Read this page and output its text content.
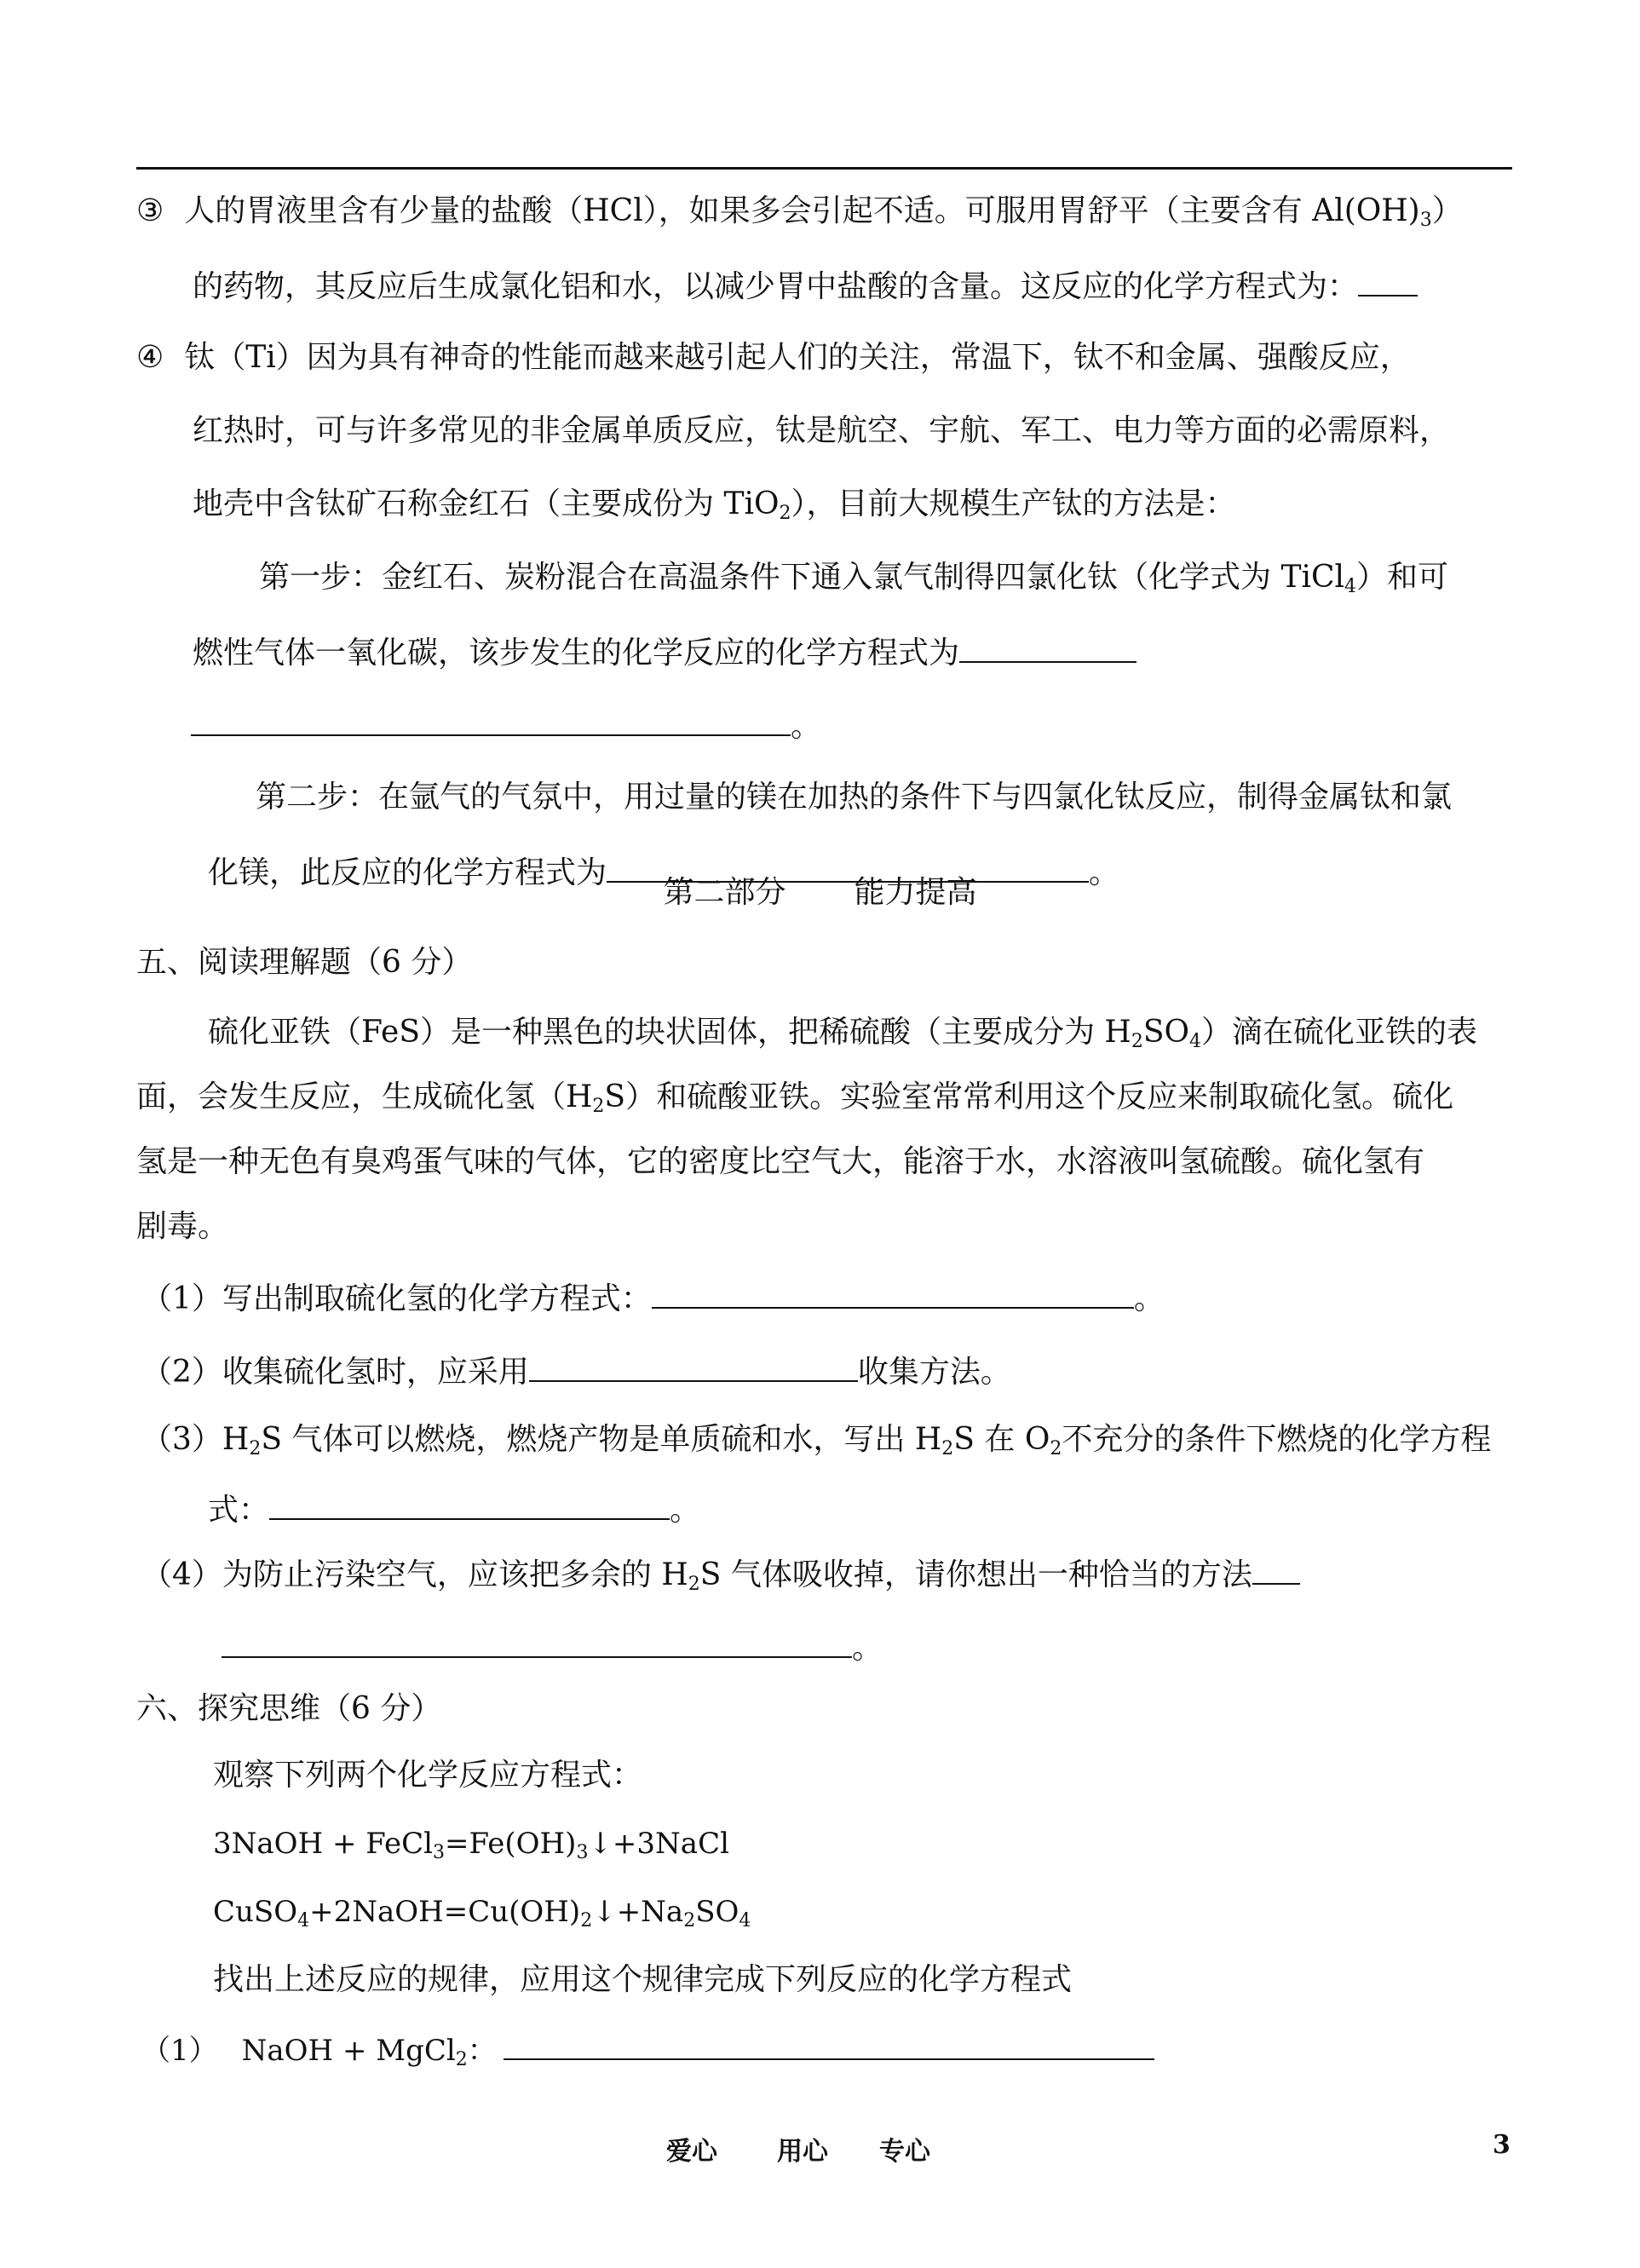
③ 人的胃液里含有少量的盐酸（HCl），如果多会引起不适。可服用胃舒平（主要含有 $Al(OH)_3$）
的药物，其反应后生成氯化铝和水，以减少胃中盐酸的含量。这反应的化学方程式为：
④ 钛（Ti）因为具有神奇的性能而越来越引起人们的关注，常温下，钛不和金属、强酸反应，
红热时，可与许多常见的非金属单质反应，钛是航空、宇航、军工、电力等方面的必需原料，
地壳中含钛矿石称金红石（主要成份为 TiO$_2$），目前大规模生产钛的方法是：
第一步：金红石、炭粉混合在高温条件下通入氯气制得四氯化钛（化学式为 TiCl$_4$）和可
燃性气体一氧化碳，该步发生的化学反应的化学方程式为
。
第二步：在氩气的气氛中，用过量的镁在加热的条件下与四氯化钛反应，制得金属钛和氯
化镁，此反应的化学方程式为	。
第二部分 能力提高
五、阅读理解题（6 分）
硫化亚铁（FeS）是一种黑色的块状固体，把稀硫酸（主要成分为 $H_2SO_4$）滴在硫化亚铁的表
面，会发生反应，生成硫化氢$(H_2S)$和硫酸亚铁。实验室常常利用这个反应来制取硫化氢。硫化
氢是一种无色有臭鸡蛋气味的气体，它的密度比空气大，能溶于水，水溶液叫氢硫酸。硫化氢有
剧毒。
（1）写出制取硫化氢的化学方程式：	。
（2）收集硫化氢时，应采用	收集方法。
$(3)H_2S$ 气体可以燃烧，燃烧产物是单质硫和水，写出 $H_2S$ 在 $O_2$不充分的条件下燃烧的化学方程
式：	。
（4）为防止污染空气，应该把多余的 $H_2S$ 气体吸收掉，请你想出一种恰当的方法
。
六、探究思维（6 分）
观察下列两个化学反应方程式：
3NaOH + $FeCl_3=Fe(OH)_3↓+3NaCl$
$CuSO_4+2NaOH=Cu(OH)_2↓+Na_2SO_4$
找出上述反应的规律，应用这个规律完成下列反应的化学方程式
（1） NaOH + MgCl$_2$：
爱心 用心 专心	3
